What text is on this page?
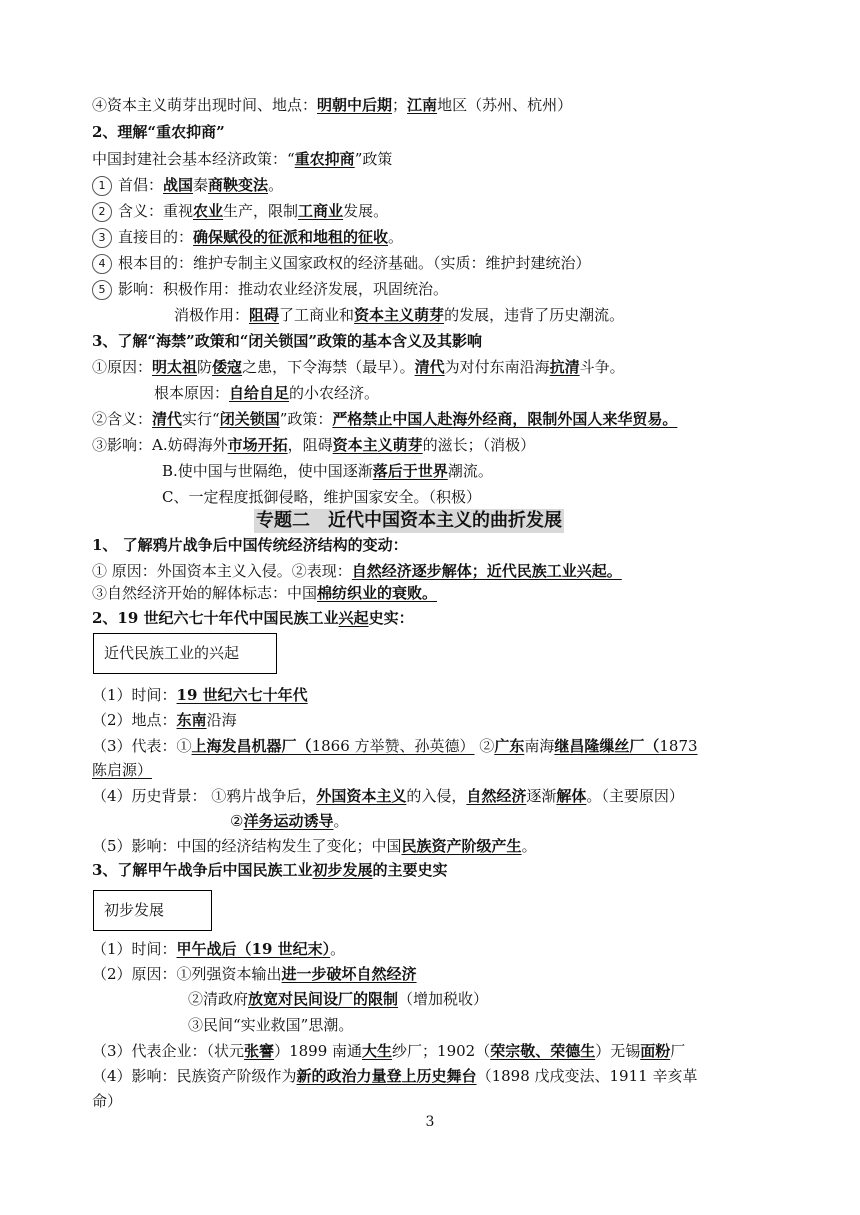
④资本主义萌芽出现时间、地点：明朝中后期；江南地区（苏州、杭州）
2、理解“重农抑商”
中国封建社会基本经济政策：“重农抑商”政策
1 首倡：战国秦商鞅变法。
2 含义：重视农业生产，限制工商业发展。
3 直接目的：确保赋役的征派和地租的征收。
4 根本目的：维护专制主义国家政权的经济基础。（实质：维护封建统治）
5 影响：积极作用：推动农业经济发展，巩固统治。
消极作用：阻碍了工商业和资本主义萌芽的发展，违背了历史潮流。
3、了解“海禁”政策和“闭关锁国”政策的基本含义及其影响
①原因：明太祖防倭寇之患，下令海禁（最早）。清代为对付东南沿海抗清斗争。
根本原因：自给自足的小农经济。
②含义：清代实行“闭关锁国”政策：严格禁止中国人赴海外经商，限制外国人来华贸易。
③影响：A.妨碍海外市场开拓，阻碍资本主义萌芽的滋长；（消极）
B.使中国与世隔绝，使中国逐渐落后于世界潮流。
C、一定程度抵御侵略，维护国家安全。（积极）
专题二　近代中国资本主义的曲折发展
1、 了解鸦片战争后中国传统经济结构的变动：
① 原因：外国资本主义入侵。②表现：自然经济逐步解体；近代民族工业兴起。
③自然经济开始的解体标志：中国棉纺织业的衰败。
2、19 世纪六七十年代中国民族工业兴起史实：
近代民族工业的兴起
（1）时间：19 世纪六七十年代
（2）地点：东南沿海
（3）代表：①上海发昌机器厂（1866 方举赞、孙英德） ②广东南海继昌隆缫丝厂（1873
陈启源）
（4）历史背景： ①鸦片战争后，外国资本主义的入侵，自然经济逐渐解体。（主要原因）
②洋务运动诱导。
（5）影响：中国的经济结构发生了变化；中国民族资产阶级产生。
3、了解甲午战争后中国民族工业初步发展的主要史实
初步发展
（1）时间：甲午战后（19 世纪末）。
（2）原因：①列强资本输出进一步破坏自然经济
②清政府放宽对民间设厂的限制（增加税收）
③民间“实业救国”思潮。
（3）代表企业：（状元张謇）1899 南通大生纱厂；1902（荣宗敬、荣德生）无锡面粉厂
（4）影响：民族资产阶级作为新的政治力量登上历史舞台（1898 戊戌变法、1911 辛亥革
命）
3
